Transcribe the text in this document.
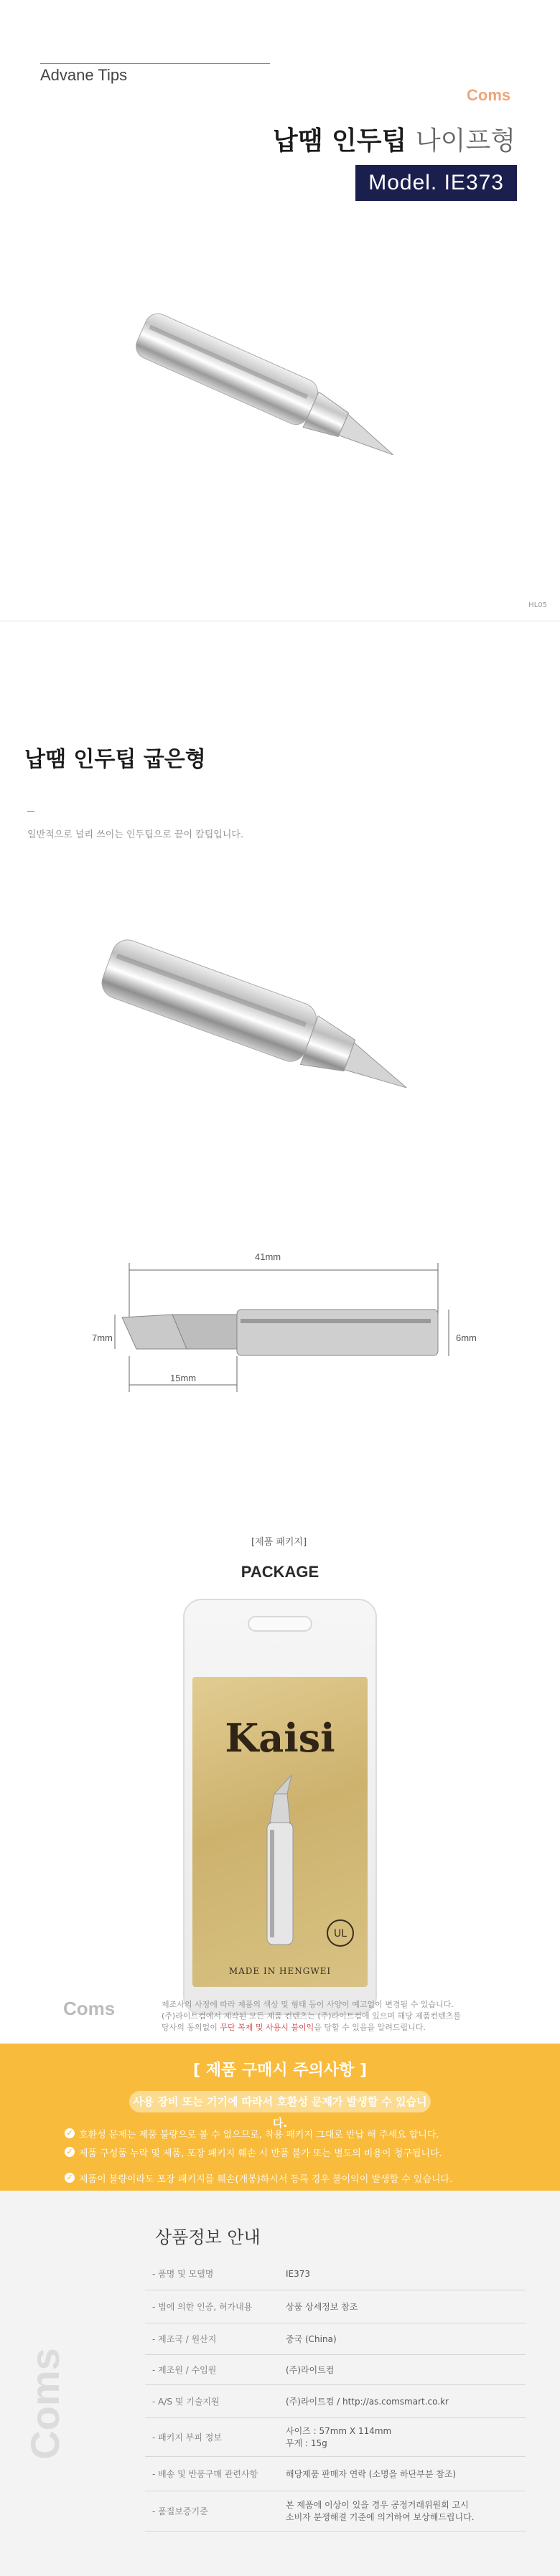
Advane Tips
Coms
납땜 인두팁 나이프형
Model. IE373
HL05
납땜 인두팁 굽은형
일반적으로 널리 쓰이는 인두팁으로 끝이 칼팁입니다.
41mm
7mm	6mm
15mm
[제품 패키지]
PACKAGE
Kaisi
UL
MADE IN HENGWEI
Coms	제조사의 사정에 따라 제품의 색상 및 형태 등이 사양이 예고없이 변경될 수 있습니다.
(주)라이트컴에서 제작된 모든 제품 컨텐츠는 (주)라이트컴에 있으며 해당 제품컨텐츠를
당사의 동의없이 무단 복제 및 사용시 불이익을 당할 수 있음을 알려드립니다.
[ 제품 구매시 주의사항 ]
사용 장비 또는 기기에 따라서 호환성 문제가 발생할 수 있습니다.
✓ 호환성 문제는 제품 불량으로 볼 수 없으므로, 착용 패키지 그대로 반납 해 주세요 합니다.
✓ 제품 구성품 누락 및 제품, 포장 패키지 훼손 시 반품 불가 또는 별도의 비용이 청구됩니다.
✓ 제품이 불량이라도 포장 패키지를 훼손(개봉)하시서 등록 경우 불이익이 발생할 수 있습니다.
Coms
상품정보 안내
- 품명 및 모델명	IE373
- 법에 의한 인증, 허가내용	상품 상세정보 참조
- 제조국 / 원산지	중국 (China)
- 제조원 / 수입원	(주)라이트컴
- A/S 및 기술지원	(주)라이트컴 / http://as.comsmart.co.kr
- 패키지 부피 정보	사이즈 : 57mm X 114mm
무게 : 15g

- 배송 및 반품구매 관련사항	해당제품 판매자 연락 (소명을 하단부분 참조)
- 품질보증기준	본 제품에 이상이 있을 경우 공정거래위원회 고시
소비자 분쟁해결 기준에 의거하여 보상해드립니다.
